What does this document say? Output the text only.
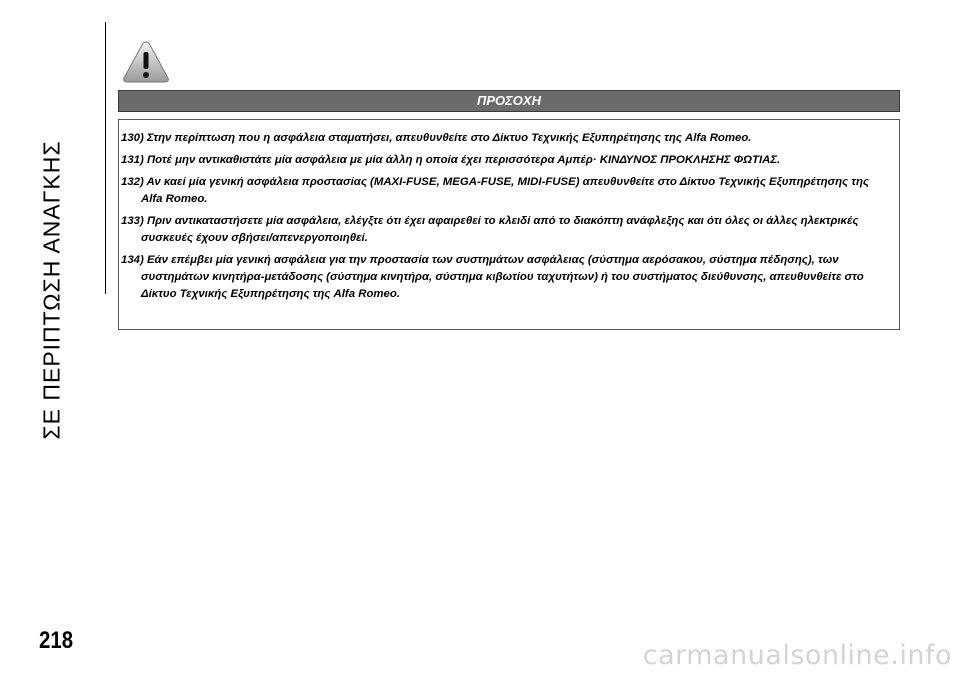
ΣΕ ΠΕΡΙΠΤΩΣΗ ΑΝΑΓΚΗΣ
ΠΡΟΣΟΧΗ

130) Στην περίπτωση που η ασφάλεια σταματήσει, απευθυνθείτε στο Δίκτυο Τεχνικής Εξυπηρέτησης της Alfa Romeo.

131) Ποτέ μην αντικαθιστάτε μία ασφάλεια με μία άλλη η οποία έχει περισσότερα Αμπέρ· ΚΙΝΔΥΝΟΣ ΠΡΟΚΛΗΣΗΣ ΦΩΤΙΑΣ.

132) Αν καεί μία γενική ασφάλεια προστασίας (MAXI-FUSE, MEGA-FUSE, MIDI-FUSE) απευθυνθείτε στο Δίκτυο Τεχνικής Εξυπηρέτησης της Alfa Romeo.

133) Πριν αντικαταστήσετε μία ασφάλεια, ελέγξτε ότι έχει αφαιρεθεί το κλειδί από το διακόπτη ανάφλεξης και ότι όλες οι άλλες ηλεκτρικές συσκευές έχουν σβήσει/απενεργοποιηθεί.

134) Εάν επέμβει μία γενική ασφάλεια για την προστασία των συστημάτων ασφάλειας (σύστημα αερόσακου, σύστημα πέδησης), των συστημάτων κινητήρα-μετάδοσης (σύστημα κινητήρα, σύστημα κιβωτίου ταχυτήτων) ή του συστήματος διεύθυνσης, απευθυνθείτε στο Δίκτυο Τεχνικής Εξυπηρέτησης της Alfa Romeo.

218	carmanualsonline.info
